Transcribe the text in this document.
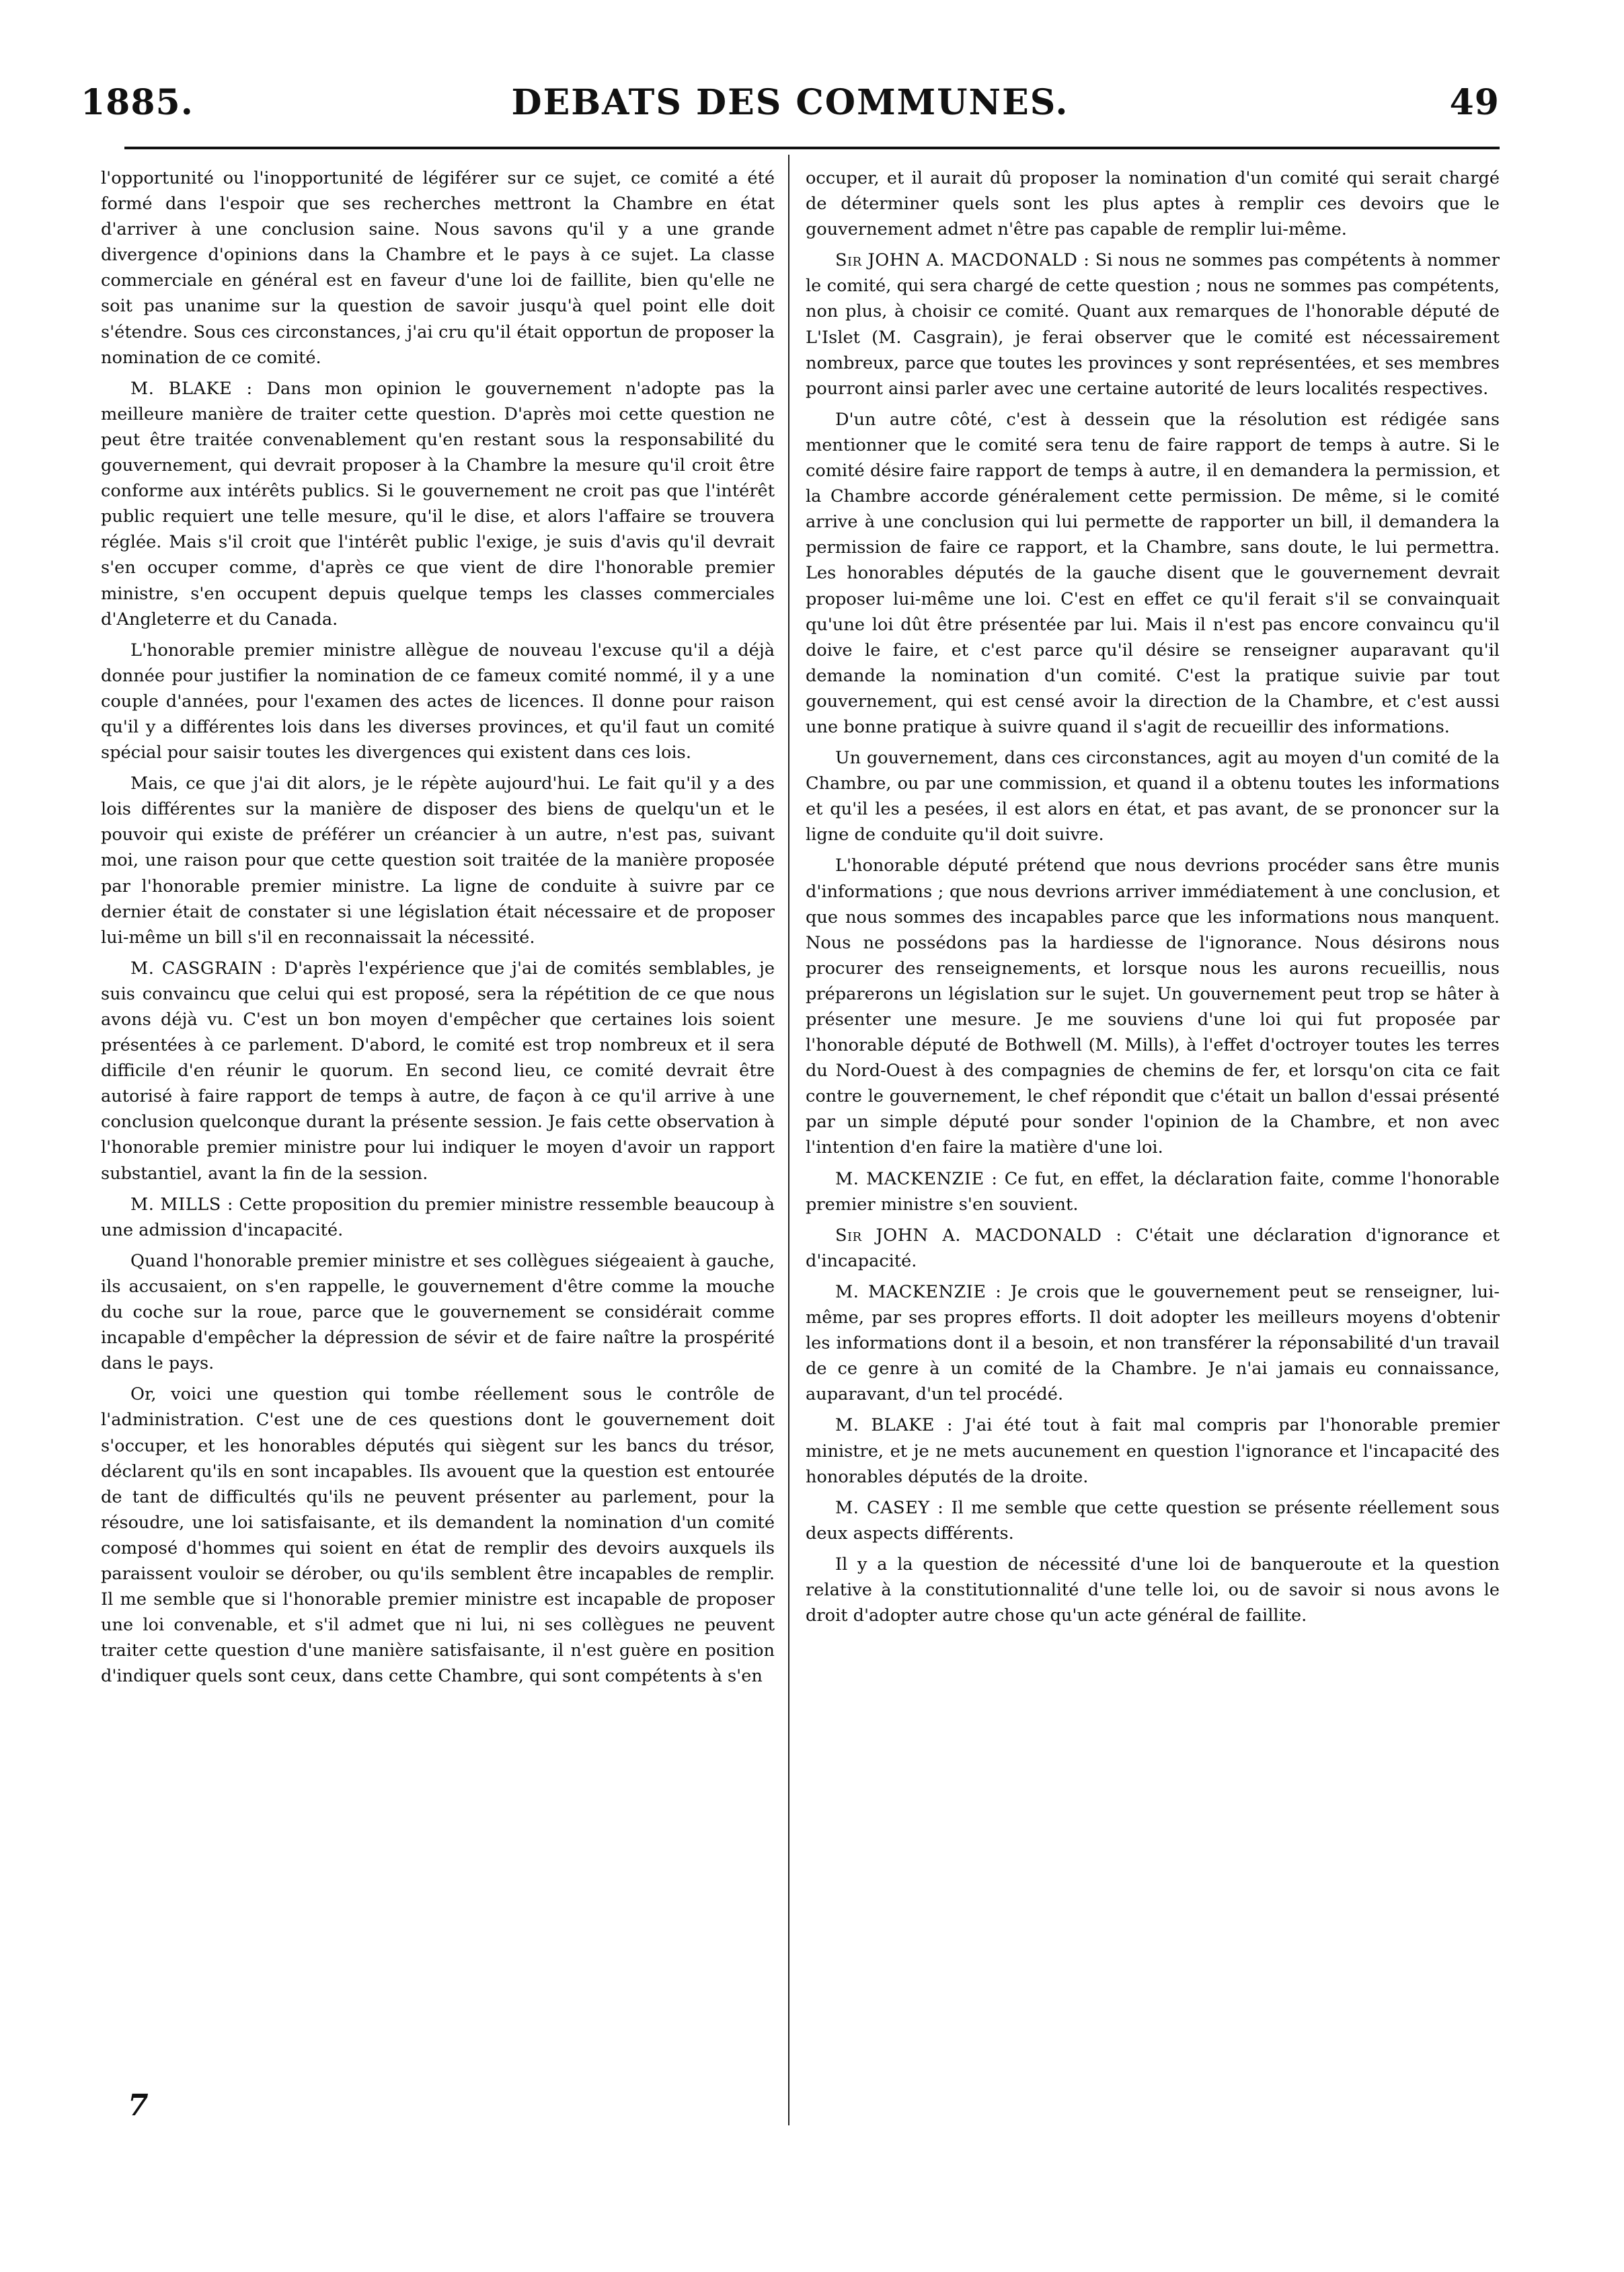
1885.	DEBATS DES COMMUNES.	49

l'opportunité ou l'inopportunité de légiférer sur ce sujet, ce comité a été formé dans l'espoir que ses recherches mettront la Chambre en état d'arriver à une conclusion saine. Nous savons qu'il y a une grande divergence d'opinions dans la Chambre et le pays à ce sujet. La classe commerciale en général est en faveur d'une loi de faillite, bien qu'elle ne soit pas unanime sur la question de savoir jusqu'à quel point elle doit s'étendre. Sous ces circonstances, j'ai cru qu'il était opportun de proposer la nomination de ce comité.

M. BLAKE : Dans mon opinion le gouvernement n'adopte pas la meilleure manière de traiter cette question. D'après moi cette question ne peut être traitée convenablement qu'en restant sous la responsabilité du gouvernement, qui devrait proposer à la Chambre la mesure qu'il croit être conforme aux intérêts publics. Si le gouvernement ne croit pas que l'intérêt public requiert une telle mesure, qu'il le dise, et alors l'affaire se trouvera réglée. Mais s'il croit que l'intérêt public l'exige, je suis d'avis qu'il devrait s'en occuper comme, d'après ce que vient de dire l'honorable premier ministre, s'en occupent depuis quelque temps les classes commerciales d'Angleterre et du Canada.

L'honorable premier ministre allègue de nouveau l'excuse qu'il a déjà donnée pour justifier la nomination de ce fameux comité nommé, il y a une couple d'années, pour l'examen des actes de licences. Il donne pour raison qu'il y a différentes lois dans les diverses provinces, et qu'il faut un comité spécial pour saisir toutes les divergences qui existent dans ces lois.

Mais, ce que j'ai dit alors, je le répète aujourd'hui. Le fait qu'il y a des lois différentes sur la manière de disposer des biens de quelqu'un et le pouvoir qui existe de préférer un créancier à un autre, n'est pas, suivant moi, une raison pour que cette question soit traitée de la manière proposée par l'honorable premier ministre. La ligne de conduite à suivre par ce dernier était de constater si une législation était nécessaire et de proposer lui-même un bill s'il en reconnaissait la nécessité.

M. CASGRAIN : D'après l'expérience que j'ai de comités semblables, je suis convaincu que celui qui est proposé, sera la répétition de ce que nous avons déjà vu. C'est un bon moyen d'empêcher que certaines lois soient présentées à ce parlement. D'abord, le comité est trop nombreux et il sera difficile d'en réunir le quorum. En second lieu, ce comité devrait être autorisé à faire rapport de temps à autre, de façon à ce qu'il arrive à une conclusion quelconque durant la présente session. Je fais cette observation à l'honorable premier ministre pour lui indiquer le moyen d'avoir un rapport substantiel, avant la fin de la session.

M. MILLS : Cette proposition du premier ministre ressemble beaucoup à une admission d'incapacité.

Quand l'honorable premier ministre et ses collègues siégeaient à gauche, ils accusaient, on s'en rappelle, le gouvernement d'être comme la mouche du coche sur la roue, parce que le gouvernement se considérait comme incapable d'empêcher la dépression de sévir et de faire naître la prospérité dans le pays.

Or, voici une question qui tombe réellement sous le contrôle de l'administration. C'est une de ces questions dont le gouvernement doit s'occuper, et les honorables députés qui siègent sur les bancs du trésor, déclarent qu'ils en sont incapables. Ils avouent que la question est entourée de tant de difficultés qu'ils ne peuvent présenter au parlement, pour la résoudre, une loi satisfaisante, et ils demandent la nomination d'un comité composé d'hommes qui soient en état de remplir des devoirs auxquels ils paraissent vouloir se dérober, ou qu'ils semblent être incapables de remplir. Il me semble que si l'honorable premier ministre est incapable de proposer une loi convenable, et s'il admet que ni lui, ni ses collègues ne peuvent traiter cette question d'une manière satisfaisante, il n'est guère en position d'indiquer quels sont ceux, dans cette Chambre, qui sont compétents à s'en

occuper, et il aurait dû proposer la nomination d'un comité qui serait chargé de déterminer quels sont les plus aptes à remplir ces devoirs que le gouvernement admet n'être pas capable de remplir lui-même.

Sir JOHN A. MACDONALD : Si nous ne sommes pas compétents à nommer le comité, qui sera chargé de cette question ; nous ne sommes pas compétents, non plus, à choisir ce comité. Quant aux remarques de l'honorable député de L'Islet (M. Casgrain), je ferai observer que le comité est nécessairement nombreux, parce que toutes les provinces y sont représentées, et ses membres pourront ainsi parler avec une certaine autorité de leurs localités respectives.

D'un autre côté, c'est à dessein que la résolution est rédigée sans mentionner que le comité sera tenu de faire rapport de temps à autre. Si le comité désire faire rapport de temps à autre, il en demandera la permission, et la Chambre accorde généralement cette permission. De même, si le comité arrive à une conclusion qui lui permette de rapporter un bill, il demandera la permission de faire ce rapport, et la Chambre, sans doute, le lui permettra. Les honorables députés de la gauche disent que le gouvernement devrait proposer lui-même une loi. C'est en effet ce qu'il ferait s'il se convainquait qu'une loi dût être présentée par lui. Mais il n'est pas encore convaincu qu'il doive le faire, et c'est parce qu'il désire se renseigner auparavant qu'il demande la nomination d'un comité. C'est la pratique suivie par tout gouvernement, qui est censé avoir la direction de la Chambre, et c'est aussi une bonne pratique à suivre quand il s'agit de recueillir des informations.

Un gouvernement, dans ces circonstances, agit au moyen d'un comité de la Chambre, ou par une commission, et quand il a obtenu toutes les informations et qu'il les a pesées, il est alors en état, et pas avant, de se prononcer sur la ligne de conduite qu'il doit suivre.

L'honorable député prétend que nous devrions procéder sans être munis d'informations ; que nous devrions arriver immédiatement à une conclusion, et que nous sommes des incapables parce que les informations nous manquent. Nous ne possédons pas la hardiesse de l'ignorance. Nous désirons nous procurer des renseignements, et lorsque nous les aurons recueillis, nous préparerons un législation sur le sujet. Un gouvernement peut trop se hâter à présenter une mesure. Je me souviens d'une loi qui fut proposée par l'honorable député de Bothwell (M. Mills), à l'effet d'octroyer toutes les terres du Nord-Ouest à des compagnies de chemins de fer, et lorsqu'on cita ce fait contre le gouvernement, le chef répondit que c'était un ballon d'essai présenté par un simple député pour sonder l'opinion de la Chambre, et non avec l'intention d'en faire la matière d'une loi.

M. MACKENZIE : Ce fut, en effet, la déclaration faite, comme l'honorable premier ministre s'en souvient.

Sir JOHN A. MACDONALD : C'était une déclaration d'ignorance et d'incapacité.

M. MACKENZIE : Je crois que le gouvernement peut se renseigner, lui-même, par ses propres efforts. Il doit adopter les meilleurs moyens d'obtenir les informations dont il a besoin, et non transférer la réponsabilité d'un travail de ce genre à un comité de la Chambre. Je n'ai jamais eu connaissance, auparavant, d'un tel procédé.

M. BLAKE : J'ai été tout à fait mal compris par l'honorable premier ministre, et je ne mets aucunement en question l'ignorance et l'incapacité des honorables députés de la droite.

M. CASEY : Il me semble que cette question se présente réellement sous deux aspects différents.

Il y a la question de nécessité d'une loi de banqueroute et la question relative à la constitutionnalité d'une telle loi, ou de savoir si nous avons le droit d'adopter autre chose qu'un acte général de faillite.

7
